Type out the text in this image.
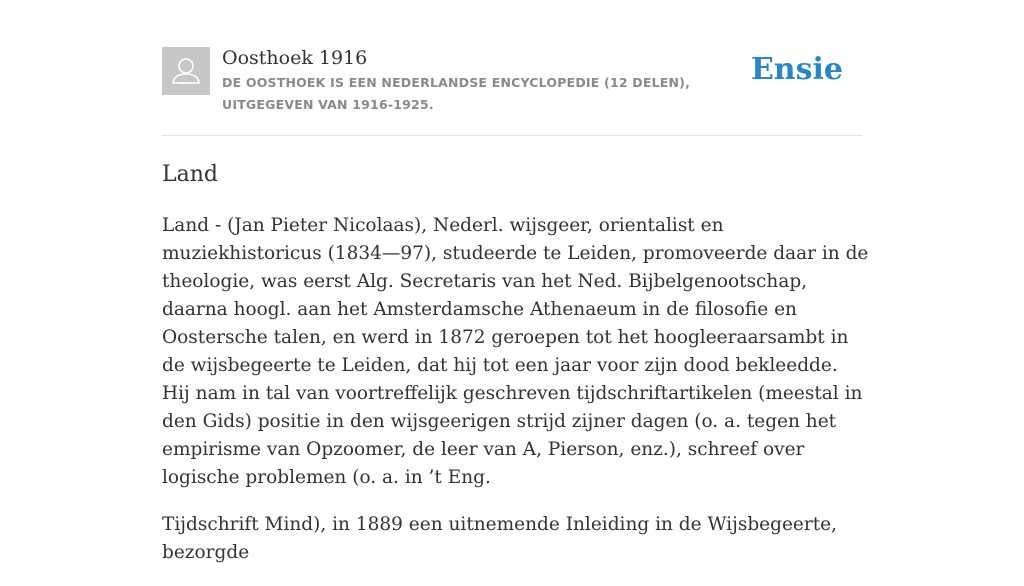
Oosthoek 1916
DE OOSTHOEK IS EEN NEDERLANDSE ENCYCLOPEDIE (12 DELEN), UITGEGEVEN VAN 1916-1925.
Ensie
Land

Land - (Jan Pieter Nicolaas), Nederl. wijsgeer, orientalist en muziekhistoricus (1834—97), studeerde te Leiden, promoveerde daar in de theologie, was eerst Alg. Secretaris van het Ned. Bijbelgenootschap, daarna hoogl. aan het Amsterdamsche Athenaeum in de filosofie en Oostersche talen, en werd in 1872 geroepen tot het hoogleeraarsambt in de wijsbegeerte te Leiden, dat hij tot een jaar voor zijn dood bekleedde. Hij nam in tal van voortreffelijk geschreven tijdschriftartikelen (meestal in den Gids) positie in den wijsgeerigen strijd zijner dagen (o. a. tegen het empirisme van Opzoomer, de leer van A, Pierson, enz.), schreef over logische problemen (o. a. in ’t Eng.

Tijdschrift Mind), in 1889 een uitnemende Inleiding in de Wijsbegeerte, bezorgde
